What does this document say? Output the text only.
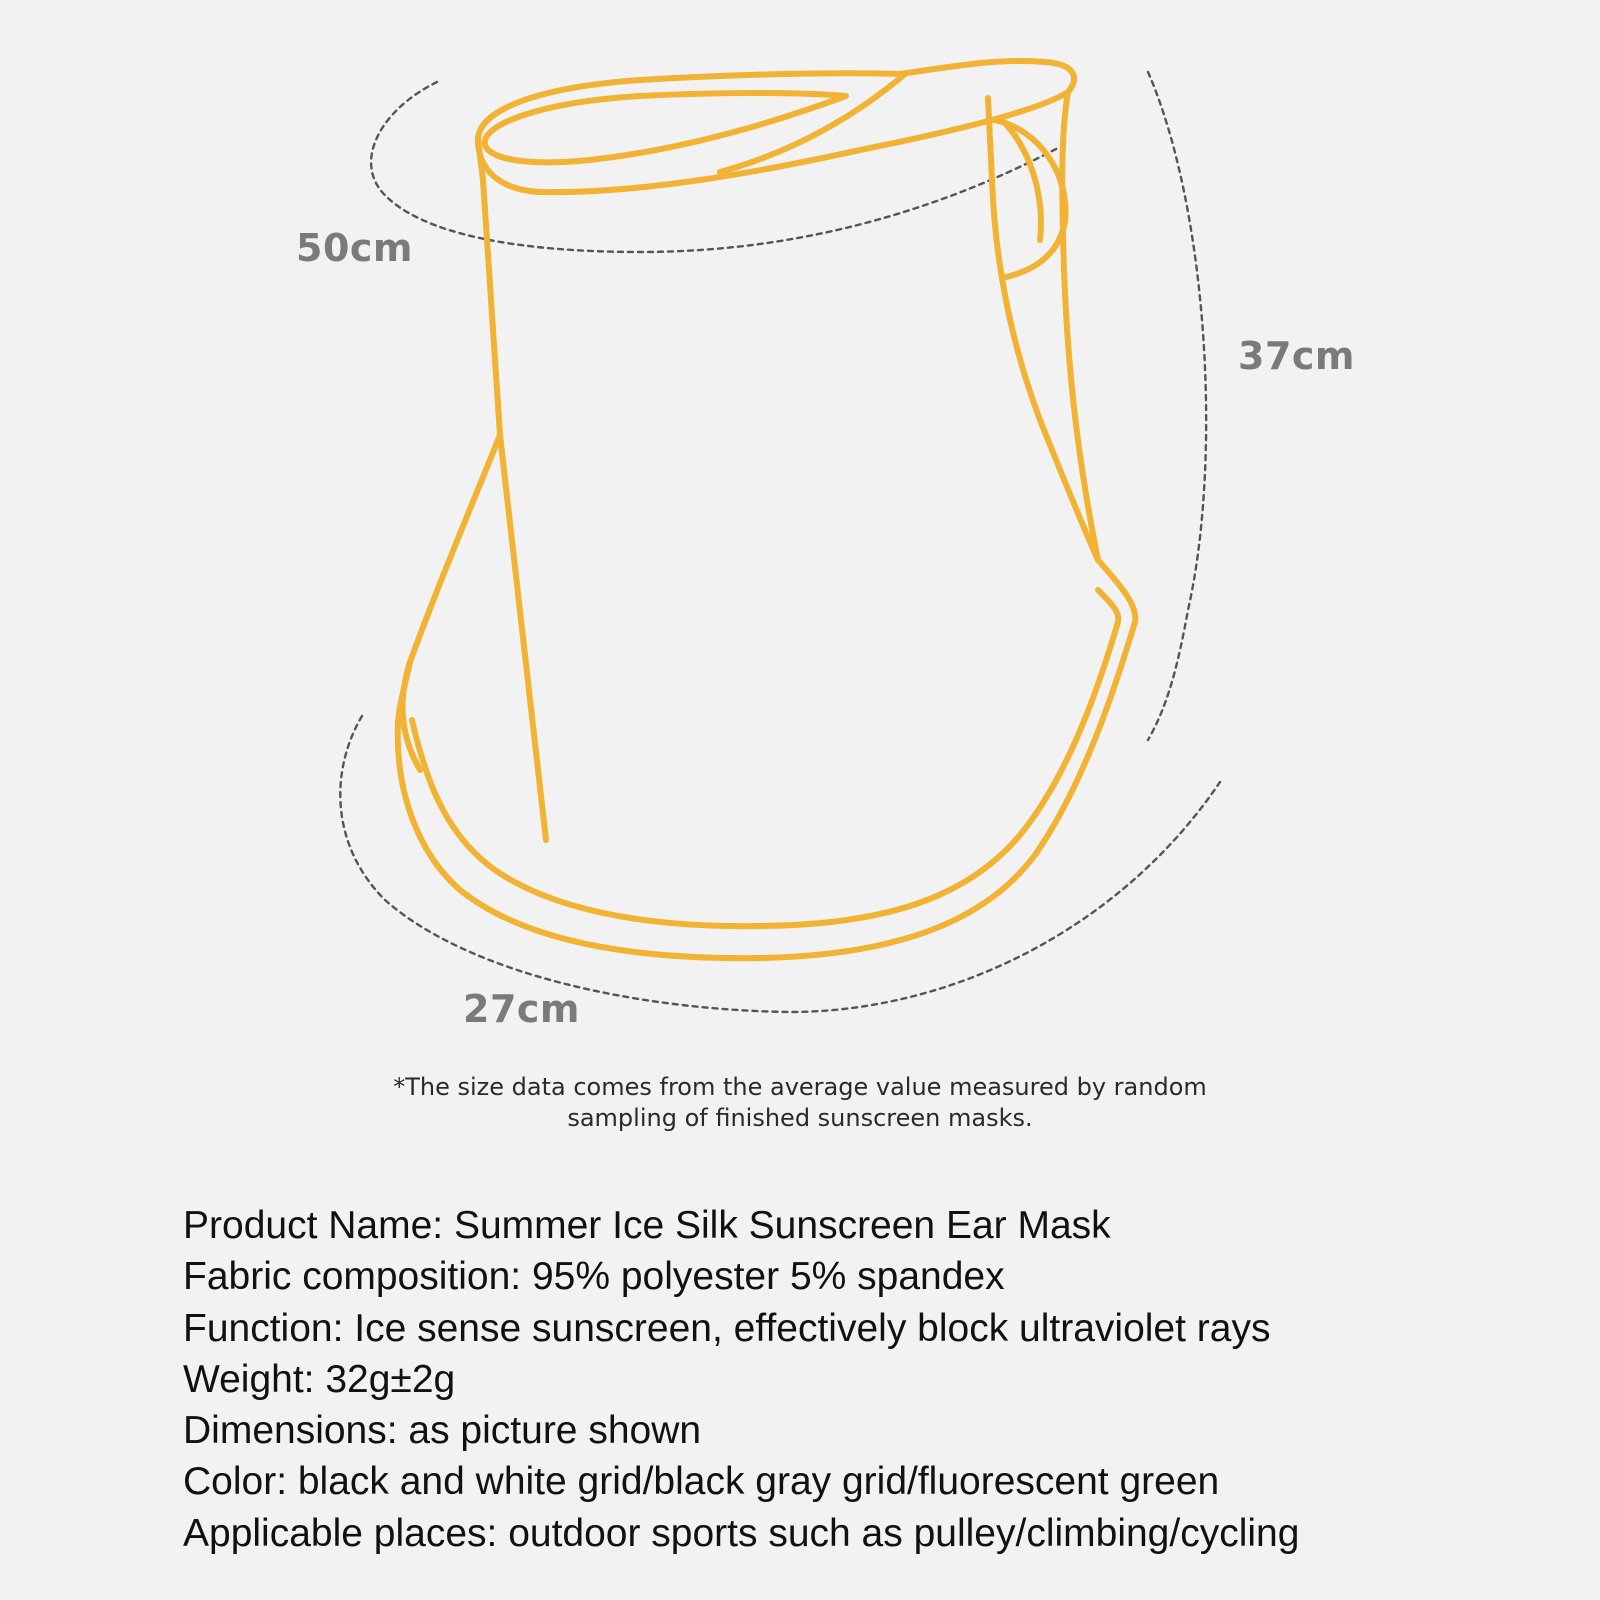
50cm
37cm
27cm
*The size data comes from the average value measured by random
sampling of finished sunscreen masks.
Product Name: Summer Ice Silk Sunscreen Ear Mask
Fabric composition: 95% polyester 5% spandex
Function: Ice sense sunscreen, effectively block ultraviolet rays
Weight: 32g±2g
Dimensions: as picture shown
Color: black and white grid/black gray grid/fluorescent green
Applicable places: outdoor sports such as pulley/climbing/cycling
